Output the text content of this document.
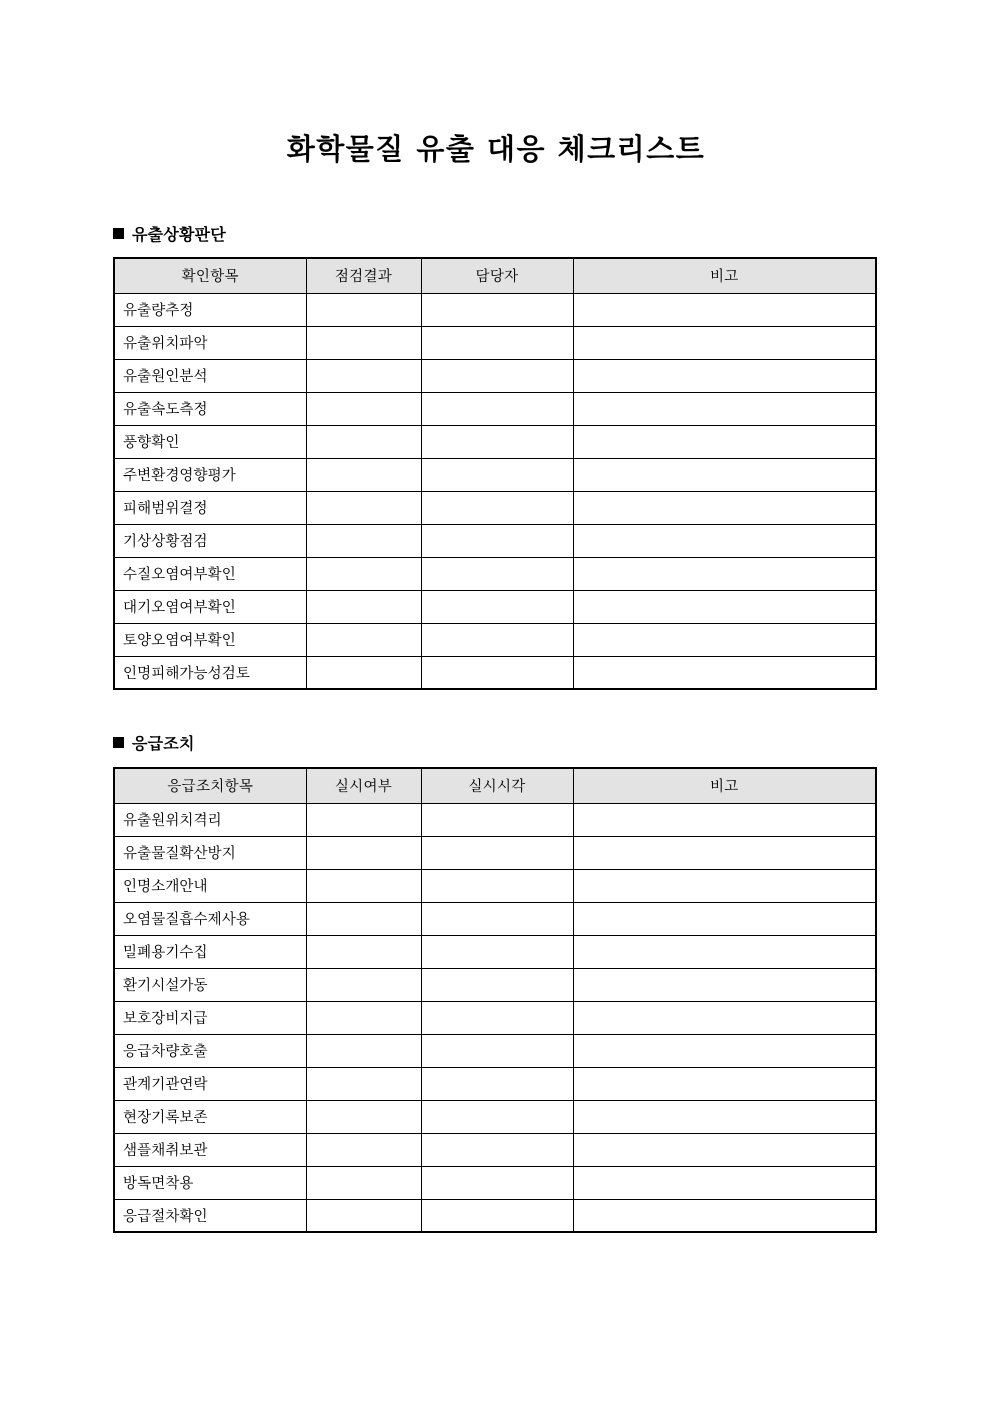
화학물질 유출 대응 체크리스트
유출상황판단
확인항목	점검결과	담당자	비고
유출량추정			
유출위치파악			
유출원인분석			
유출속도측정			
풍향확인			
주변환경영향평가			
피해범위결정			
기상상황점검			
수질오염여부확인			
대기오염여부확인			
토양오염여부확인			
인명피해가능성검토			
응급조치
응급조치항목	실시여부	실시시각	비고
유출원위치격리			
유출물질확산방지			
인명소개안내			
오염물질흡수제사용			
밀폐용기수집			
환기시설가동			
보호장비지급			
응급차량호출			
관계기관연락			
현장기록보존			
샘플채취보관			
방독면착용			
응급절차확인			
